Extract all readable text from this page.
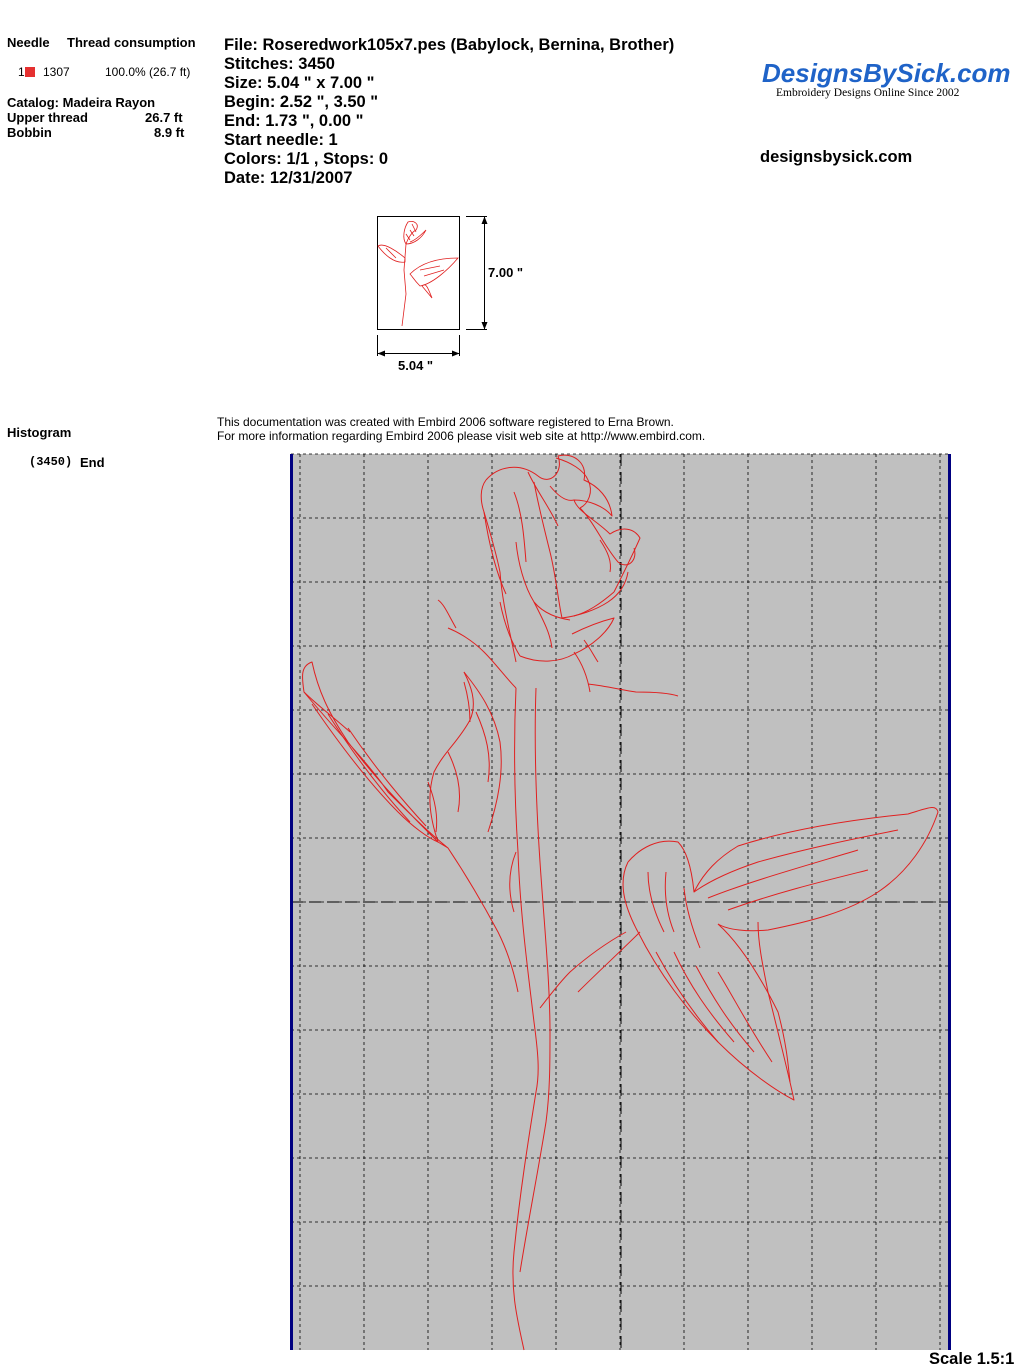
Needle Thread consumption
1	1307	100.0% (26.7 ft)
Catalog: Madeira Rayon
Upper thread	26.7 ft
Bobbin	8.9 ft
File: Roseredwork105x7.pes (Babylock, Bernina, Brother)
Stitches: 3450
Size: 5.04 " x 7.00 "
Begin: 2.52 ", 3.50 "
End: 1.73 ", 0.00 "
Start needle: 1
Colors: 1/1 , Stops: 0
Date: 12/31/2007
DesignsBySick.com
Embroidery Designs Online Since 2002
designsbysick.com
7.00 "
5.04 "
Histogram
(3450) End
This documentation was created with Embird 2006 software registered to Erna Brown.
For more information regarding Embird 2006 please visit web site at http://www.embird.com.
Scale 1.5:1
